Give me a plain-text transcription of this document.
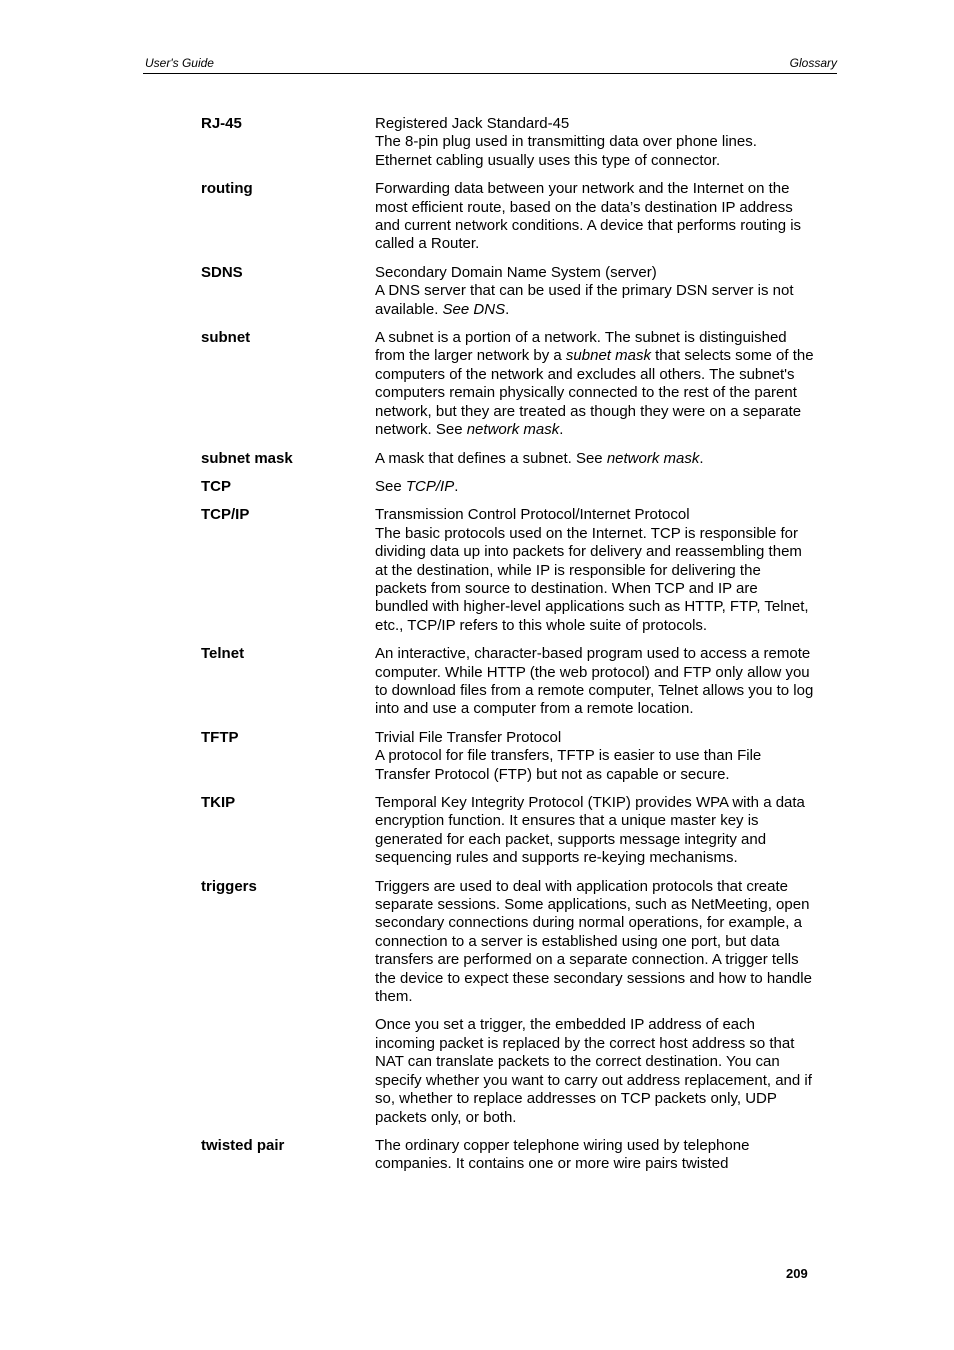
User's Guide	Glossary
RJ-45	Registered Jack Standard-45

The 8-pin plug used in transmitting data over phone lines. Ethernet cabling usually uses this type of connector.

routing	Forwarding data between your network and the Internet on the most efficient route, based on the data’s destination IP address and current network conditions. A device that performs routing is called a Router.

SDNS	Secondary Domain Name System (server)

A DNS server that can be used if the primary DSN server is not available. See DNS.

subnet	A subnet is a portion of a network. The subnet is distinguished from the larger network by a subnet mask that selects some of the computers of the network and excludes all others. The subnet's computers remain physically connected to the rest of the parent network, but they are treated as though they were on a separate network. See network mask.

subnet mask	A mask that defines a subnet. See network mask.

TCP	See TCP/IP.

TCP/IP	Transmission Control Protocol/Internet Protocol

The basic protocols used on the Internet. TCP is responsible for dividing data up into packets for delivery and reassembling them at the destination, while IP is responsible for delivering the packets from source to destination. When TCP and IP are bundled with higher-level applications such as HTTP, FTP, Telnet, etc., TCP/IP refers to this whole suite of protocols.

Telnet	An interactive, character-based program used to access a remote computer. While HTTP (the web protocol) and FTP only allow you to download files from a remote computer, Telnet allows you to log into and use a computer from a remote location.

TFTP	Trivial File Transfer Protocol

A protocol for file transfers, TFTP is easier to use than File Transfer Protocol (FTP) but not as capable or secure.

TKIP	Temporal Key Integrity Protocol (TKIP) provides WPA with a data encryption function. It ensures that a unique master key is generated for each packet, supports message integrity and sequencing rules and supports re-keying mechanisms.

triggers	Triggers are used to deal with application protocols that create separate sessions. Some applications, such as NetMeeting, open secondary connections during normal operations, for example, a connection to a server is established using one port, but data transfers are performed on a separate connection. A trigger tells the device to expect these secondary sessions and how to handle them.

Once you set a trigger, the embedded IP address of each incoming packet is replaced by the correct host address so that NAT can translate packets to the correct destination. You can specify whether you want to carry out address replacement, and if so, whether to replace addresses on TCP packets only, UDP packets only, or both.

twisted pair	The ordinary copper telephone wiring used by telephone companies. It contains one or more wire pairs twisted

209
